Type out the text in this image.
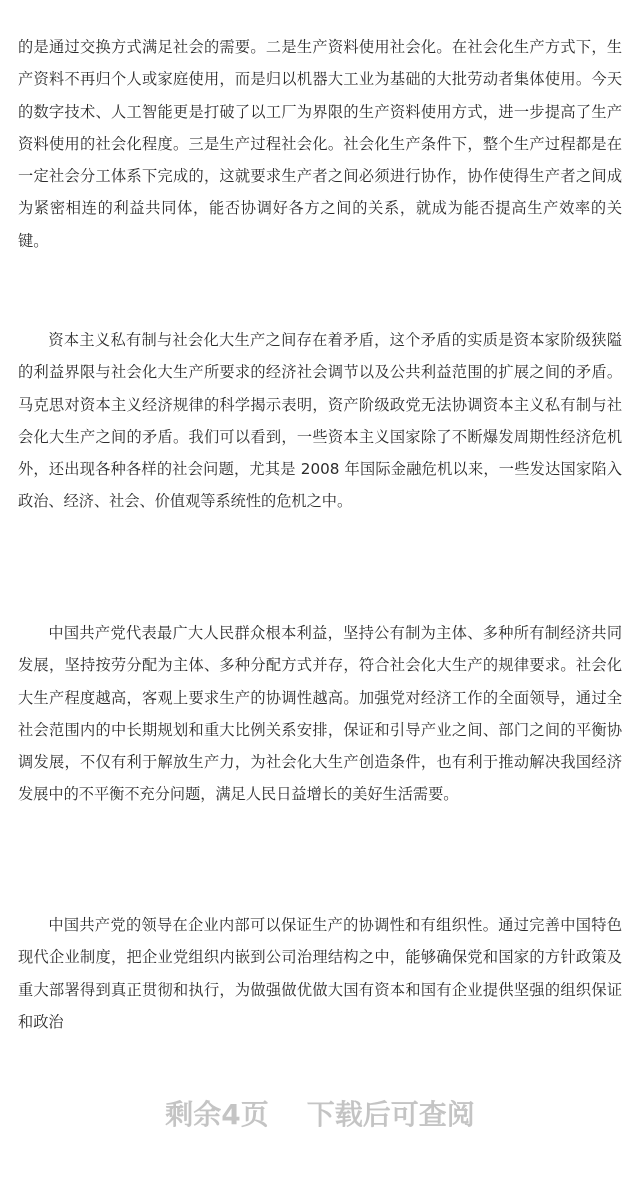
的是通过交换方式满足社会的需要。二是生产资料使用社会化。在社会化生产方式下，生产资料不再归个人或家庭使用，而是归以机器大工业为基础的大批劳动者集体使用。今天的数字技术、人工智能更是打破了以工厂为界限的生产资料使用方式，进一步提高了生产资料使用的社会化程度。三是生产过程社会化。社会化生产条件下，整个生产过程都是在一定社会分工体系下完成的，这就要求生产者之间必须进行协作，协作使得生产者之间成为紧密相连的利益共同体，能否协调好各方之间的关系，就成为能否提高生产效率的关键。

资本主义私有制与社会化大生产之间存在着矛盾，这个矛盾的实质是资本家阶级狭隘的利益界限与社会化大生产所要求的经济社会调节以及公共利益范围的扩展之间的矛盾。马克思对资本主义经济规律的科学揭示表明，资产阶级政党无法协调资本主义私有制与社会化大生产之间的矛盾。我们可以看到，一些资本主义国家除了不断爆发周期性经济危机外，还出现各种各样的社会问题，尤其是 2008 年国际金融危机以来，一些发达国家陷入政治、经济、社会、价值观等系统性的危机之中。

中国共产党代表最广大人民群众根本利益，坚持公有制为主体、多种所有制经济共同发展，坚持按劳分配为主体、多种分配方式并存，符合社会化大生产的规律要求。社会化大生产程度越高，客观上要求生产的协调性越高。加强党对经济工作的全面领导，通过全社会范围内的中长期规划和重大比例关系安排，保证和引导产业之间、部门之间的平衡协调发展，不仅有利于解放生产力，为社会化大生产创造条件，也有利于推动解决我国经济发展中的不平衡不充分问题，满足人民日益增长的美好生活需要。

中国共产党的领导在企业内部可以保证生产的协调性和有组织性。通过完善中国特色现代企业制度，把企业党组织内嵌到公司治理结构之中，能够确保党和国家的方针政策及重大部署得到真正贯彻和执行，为做强做优做大国有资本和国有企业提供坚强的组织保证和政治

剩余4页 下载后可查阅
